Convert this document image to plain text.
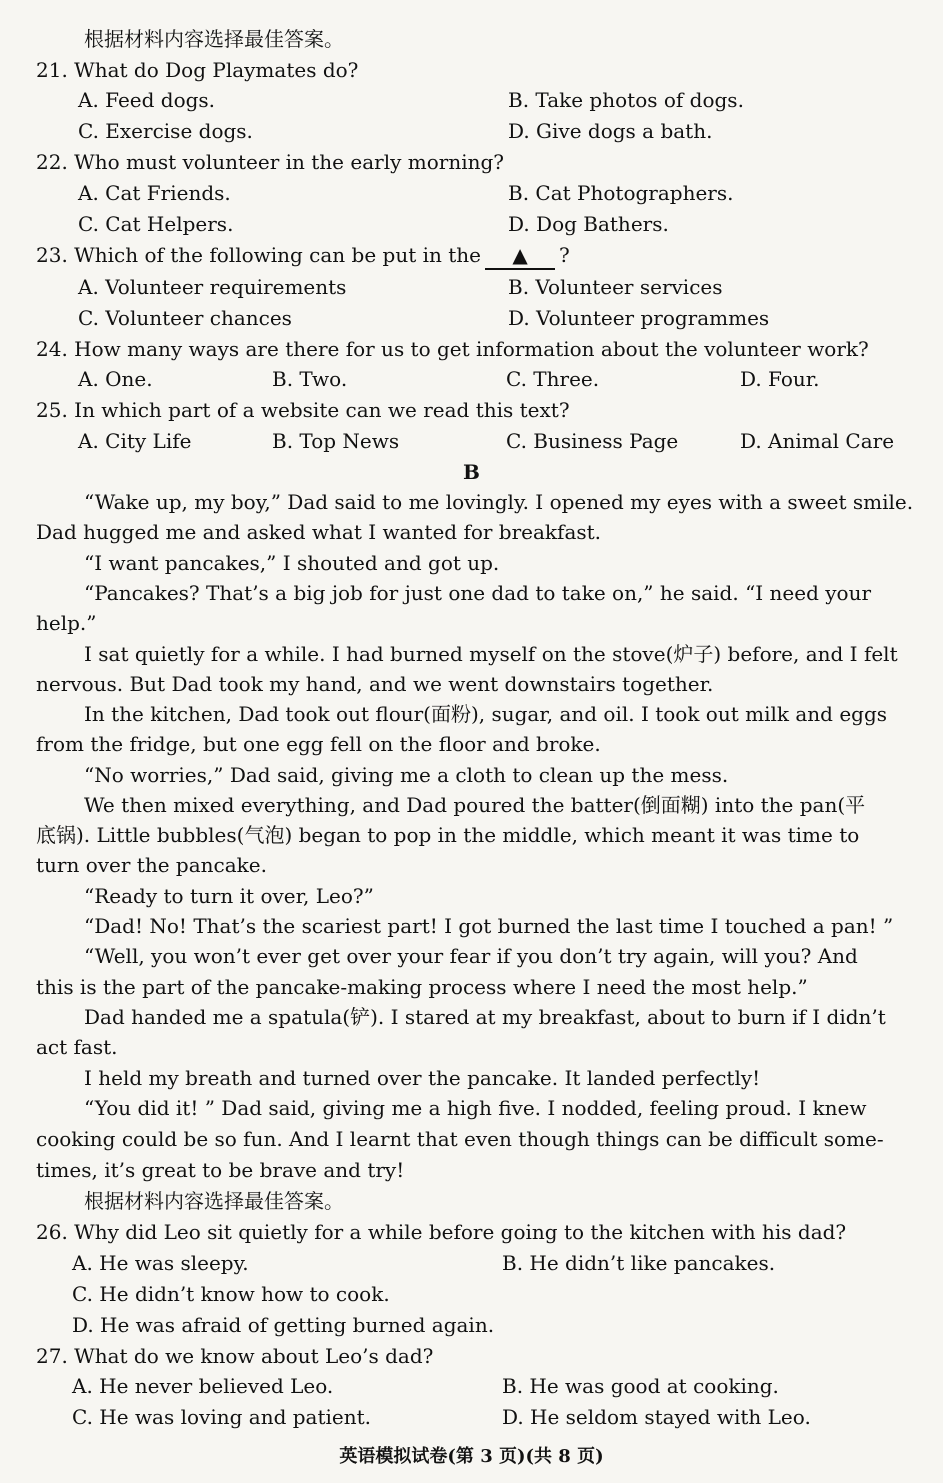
根据材料内容选择最佳答案。
21. What do Dog Playmates do?
A. Feed dogs.	B. Take photos of dogs.
C. Exercise dogs.	D. Give dogs a bath.
22. Who must volunteer in the early morning?
A. Cat Friends.	B. Cat Photographers.
C. Cat Helpers.	D. Dog Bathers.
23. Which of the following can be put in the ▲ ?
A. Volunteer requirements	B. Volunteer services
C. Volunteer chances	D. Volunteer programmes
24. How many ways are there for us to get information about the volunteer work?
A. One.	B. Two.	C. Three.	D. Four.
25. In which part of a website can we read this text?
A. City Life	B. Top News	C. Business Page	D. Animal Care
B
“Wake up, my boy,” Dad said to me lovingly. I opened my eyes with a sweet smile.
Dad hugged me and asked what I wanted for breakfast.
“I want pancakes,” I shouted and got up.
“Pancakes? That’s a big job for just one dad to take on,” he said. “I need your
help.”
I sat quietly for a while. I had burned myself on the stove(炉子) before, and I felt
nervous. But Dad took my hand, and we went downstairs together.
In the kitchen, Dad took out flour(面粉), sugar, and oil. I took out milk and eggs
from the fridge, but one egg fell on the floor and broke.
“No worries,” Dad said, giving me a cloth to clean up the mess.
We then mixed everything, and Dad poured the batter(倒面糊) into the pan(平
底锅). Little bubbles(气泡) began to pop in the middle, which meant it was time to
turn over the pancake.
“Ready to turn it over, Leo?”
“Dad! No! That’s the scariest part! I got burned the last time I touched a pan! ”
“Well, you won’t ever get over your fear if you don’t try again, will you? And
this is the part of the pancake-making process where I need the most help.”
Dad handed me a spatula(铲). I stared at my breakfast, about to burn if I didn’t
act fast.
I held my breath and turned over the pancake. It landed perfectly!
“You did it! ” Dad said, giving me a high five. I nodded, feeling proud. I knew
cooking could be so fun. And I learnt that even though things can be difficult some-
times, it’s great to be brave and try!
根据材料内容选择最佳答案。
26. Why did Leo sit quietly for a while before going to the kitchen with his dad?
A. He was sleepy.	B. He didn’t like pancakes.
C. He didn’t know how to cook.
D. He was afraid of getting burned again.
27. What do we know about Leo’s dad?
A. He never believed Leo.	B. He was good at cooking.
C. He was loving and patient.	D. He seldom stayed with Leo.
英语模拟试卷(第 3 页)(共 8 页)
